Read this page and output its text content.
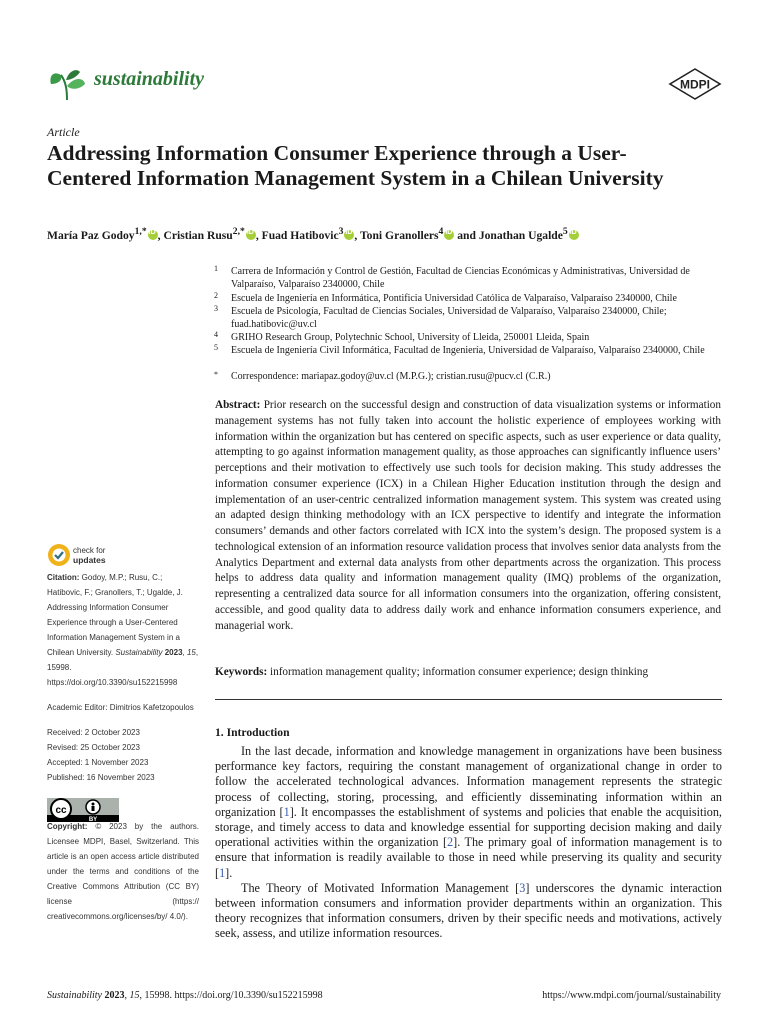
sustainability	MDPI
Article
Addressing Information Consumer Experience through a User-Centered Information Management System in a Chilean University
María Paz Godoy$^{1,*}$ iD , Cristian Rusu$^{2,*}$ iD , Fuad Hatibovic$^3$ iD , Toni Granollers$^4$iD and Jonathan Ugalde$^5$iD
1	Carrera de Información y Control de Gestión, Facultad de Ciencias Económicas y Administrativas, Universidad de Valparaíso, Valparaíso 2340000, Chile
2	Escuela de Ingeniería en Informática, Pontificia Universidad Católica de Valparaíso, Valparaíso 2340000, Chile
3	Escuela de Psicología, Facultad de Ciencias Sociales, Universidad de Valparaíso, Valparaíso 2340000, Chile; fuad.hatibovic@uv.cl
4	GRIHO Research Group, Polytechnic School, University of Lleida, 250001 Lleida, Spain
5	Escuela de Ingeniería Civil Informática, Facultad de Ingeniería, Universidad de Valparaíso, Valparaíso 2340000, Chile
*	Correspondence: mariapaz.godoy@uv.cl (M.P.G.); cristian.rusu@pucv.cl (C.R.)
Abstract: Prior research on the successful design and construction of data visualization systems or information management systems has not fully taken into account the holistic experience of employees working with information within the organization but has centered on specific aspects, such as user experience or data quality, attempting to go against information management quality, as those approaches can significantly influence users’ perceptions and their motivation to effectively use such tools for decision making. This study addresses the information consumer experience (ICX) in a Chilean Higher Education institution through the design and implementation of an user-centric centralized information management system. This system was created using an adapted design thinking methodology with an ICX perspective to identify and integrate the information consumers’ demands and other factors correlated with ICX into the system’s design. The proposed system is a technological extension of an information resource validation process that involves senior data analysts from the Analytics Department and external data analysts from other departments across the organization. This process helps to address data quality and information management quality (IMQ) problems of the organization, representing a centralized data source for all information consumers into the organization, offering consistent, accessible, and good quality data to address daily work and enhance information consumers experience, and managerial work.
Keywords: information management quality; information consumer experience; design thinking
1. Introduction

In the last decade, information and knowledge management in organizations have been business performance key factors, requiring the constant management of organizational change in order to follow the accelerated technological advances. Information management represents the strategic process of collecting, storing, processing, and efficiently disseminating information within an organization [1]. It encompasses the establishment of systems and policies that enable the acquisition, storage, and timely access to data and knowledge essential for supporting decision making and daily operational activities within the organization [2]. The primary goal of information management is to ensure that information is readily available to those in need while preserving its quality and security [1].

The Theory of Motivated Information Management [3] underscores the dynamic interaction between information consumers and information provider departments within an organization. This theory recognizes that information consumers, driven by their specific needs and motivations, actively seek, assess, and utilize information resources.

check for
updates

Citation: Godoy, M.P.; Rusu, C.; Hatibovic, F.; Granollers, T.; Ugalde, J. Addressing Information Consumer Experience through a User-Centered Information Management System in a Chilean University. Sustainability 2023, 15, 15998. https://doi.org/10.3390/su152215998

Academic Editor: Dimitrios Kafetzopoulos

Received: 2 October 2023

Revised: 25 October 2023

Accepted: 1 November 2023

Published: 16 November 2023

Copyright: © 2023 by the authors. Licensee MDPI, Basel, Switzerland. This article is an open access article distributed under the terms and conditions of the Creative Commons Attribution (CC BY) license (https:// creativecommons.org/licenses/by/ 4.0/).

cc
BY
Sustainability 2023, 15, 15998. https://doi.org/10.3390/su152215998	https://www.mdpi.com/journal/sustainability
